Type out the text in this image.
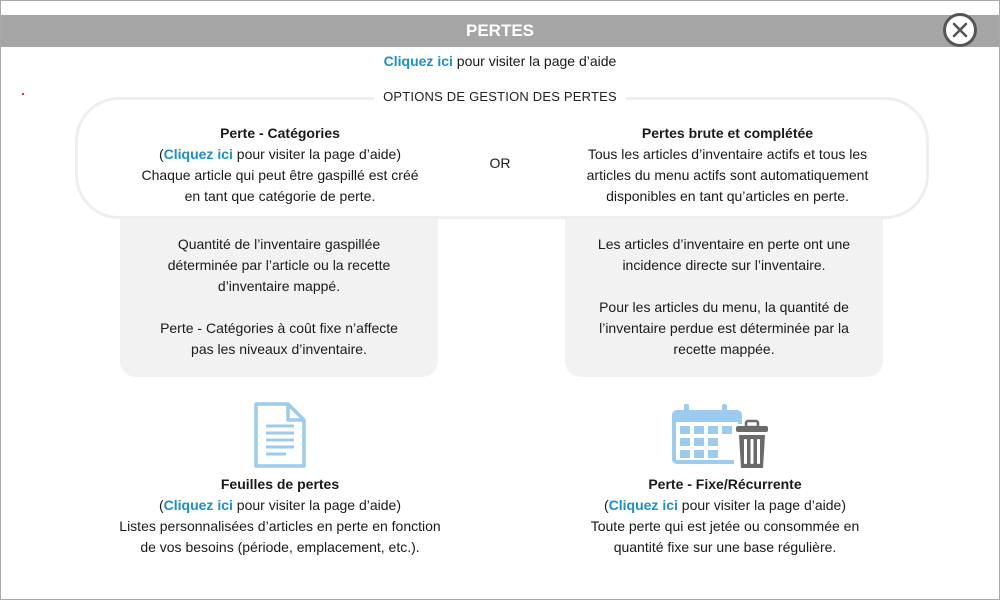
PERTES
Cliquez ici pour visiter la page d’aide
OPTIONS DE GESTION DES PERTES
Perte - Catégories
(Cliquez ici pour visiter la page d’aide)
Chaque article qui peut être gaspillé est créé
en tant que catégorie de perte.
OR
Pertes brute et complétée
Tous les articles d’inventaire actifs et tous les
articles du menu actifs sont automatiquement
disponibles en tant qu’articles en perte.
Quantité de l’inventaire gaspillée
déterminée par l’article ou la recette
d’inventaire mappé.
Perte - Catégories à coût fixe n’affecte
pas les niveaux d’inventaire.
Les articles d’inventaire en perte ont une
incidence directe sur l’inventaire.
Pour les articles du menu, la quantité de
l’inventaire perdue est déterminée par la
recette mappée.
Feuilles de pertes
(Cliquez ici pour visiter la page d’aide)
Listes personnalisées d’articles en perte en fonction
de vos besoins (période, emplacement, etc.).
Perte - Fixe/Récurrente
(Cliquez ici pour visiter la page d’aide)
Toute perte qui est jetée ou consommée en
quantité fixe sur une base régulière.
